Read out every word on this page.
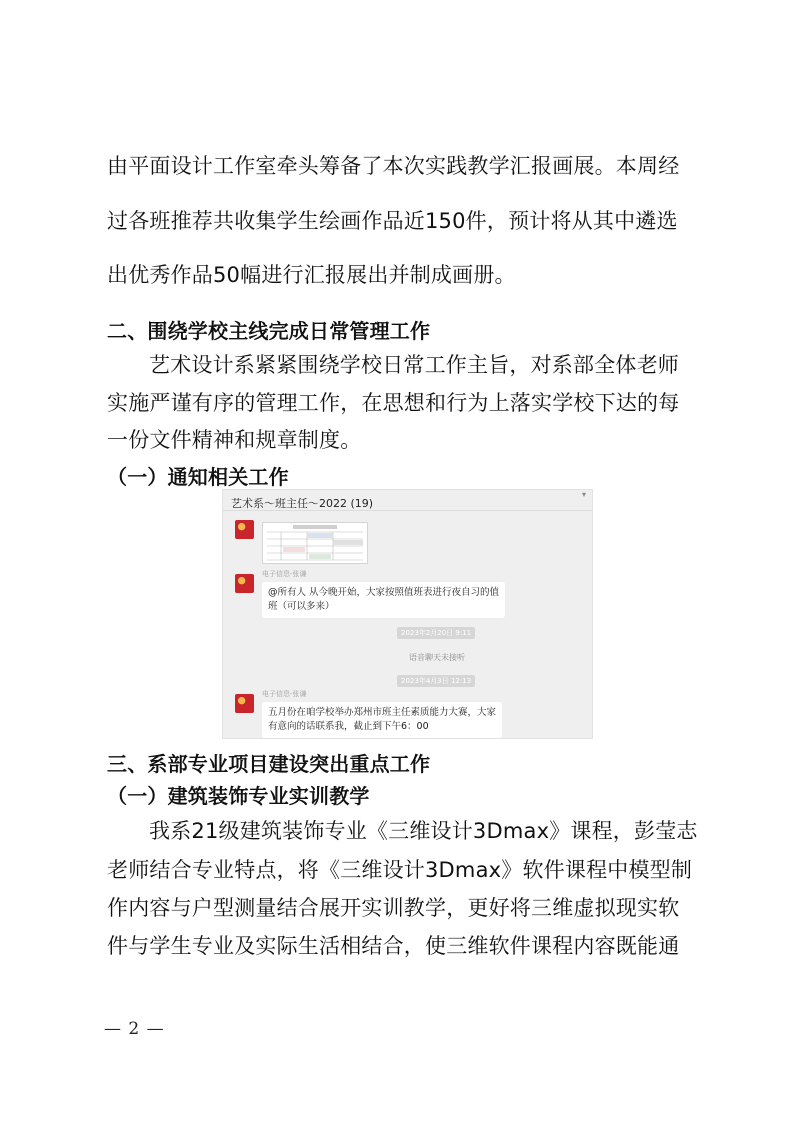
由平面设计工作室牵头筹备了本次实践教学汇报画展。本周经
过各班推荐共收集学生绘画作品近150件，预计将从其中遴选
出优秀作品50幅进行汇报展出并制成画册。
二、围绕学校主线完成日常管理工作
艺术设计系紧紧围绕学校日常工作主旨，对系部全体老师
实施严谨有序的管理工作，在思想和行为上落实学校下达的每
一份文件精神和规章制度。
（一）通知相关工作
艺术系～班主任～2022 (19)
▾
电子信息-张谦
@所有人 从今晚开始，大家按照值班表进行夜自习的值
班（可以多来）
2023年2月20日 9:11
语音聊天未接听
2023年4月3日 12:13
电子信息-张谦
五月份在咱学校举办郑州市班主任素质能力大赛，大家
有意向的话联系我，截止到下午6：00
三、系部专业项目建设突出重点工作
（一）建筑装饰专业实训教学
我系21级建筑装饰专业《三维设计3Dmax》课程，彭莹志
老师结合专业特点，将《三维设计3Dmax》软件课程中模型制
作内容与户型测量结合展开实训教学，更好将三维虚拟现实软
件与学生专业及实际生活相结合，使三维软件课程内容既能通
— 2 —
